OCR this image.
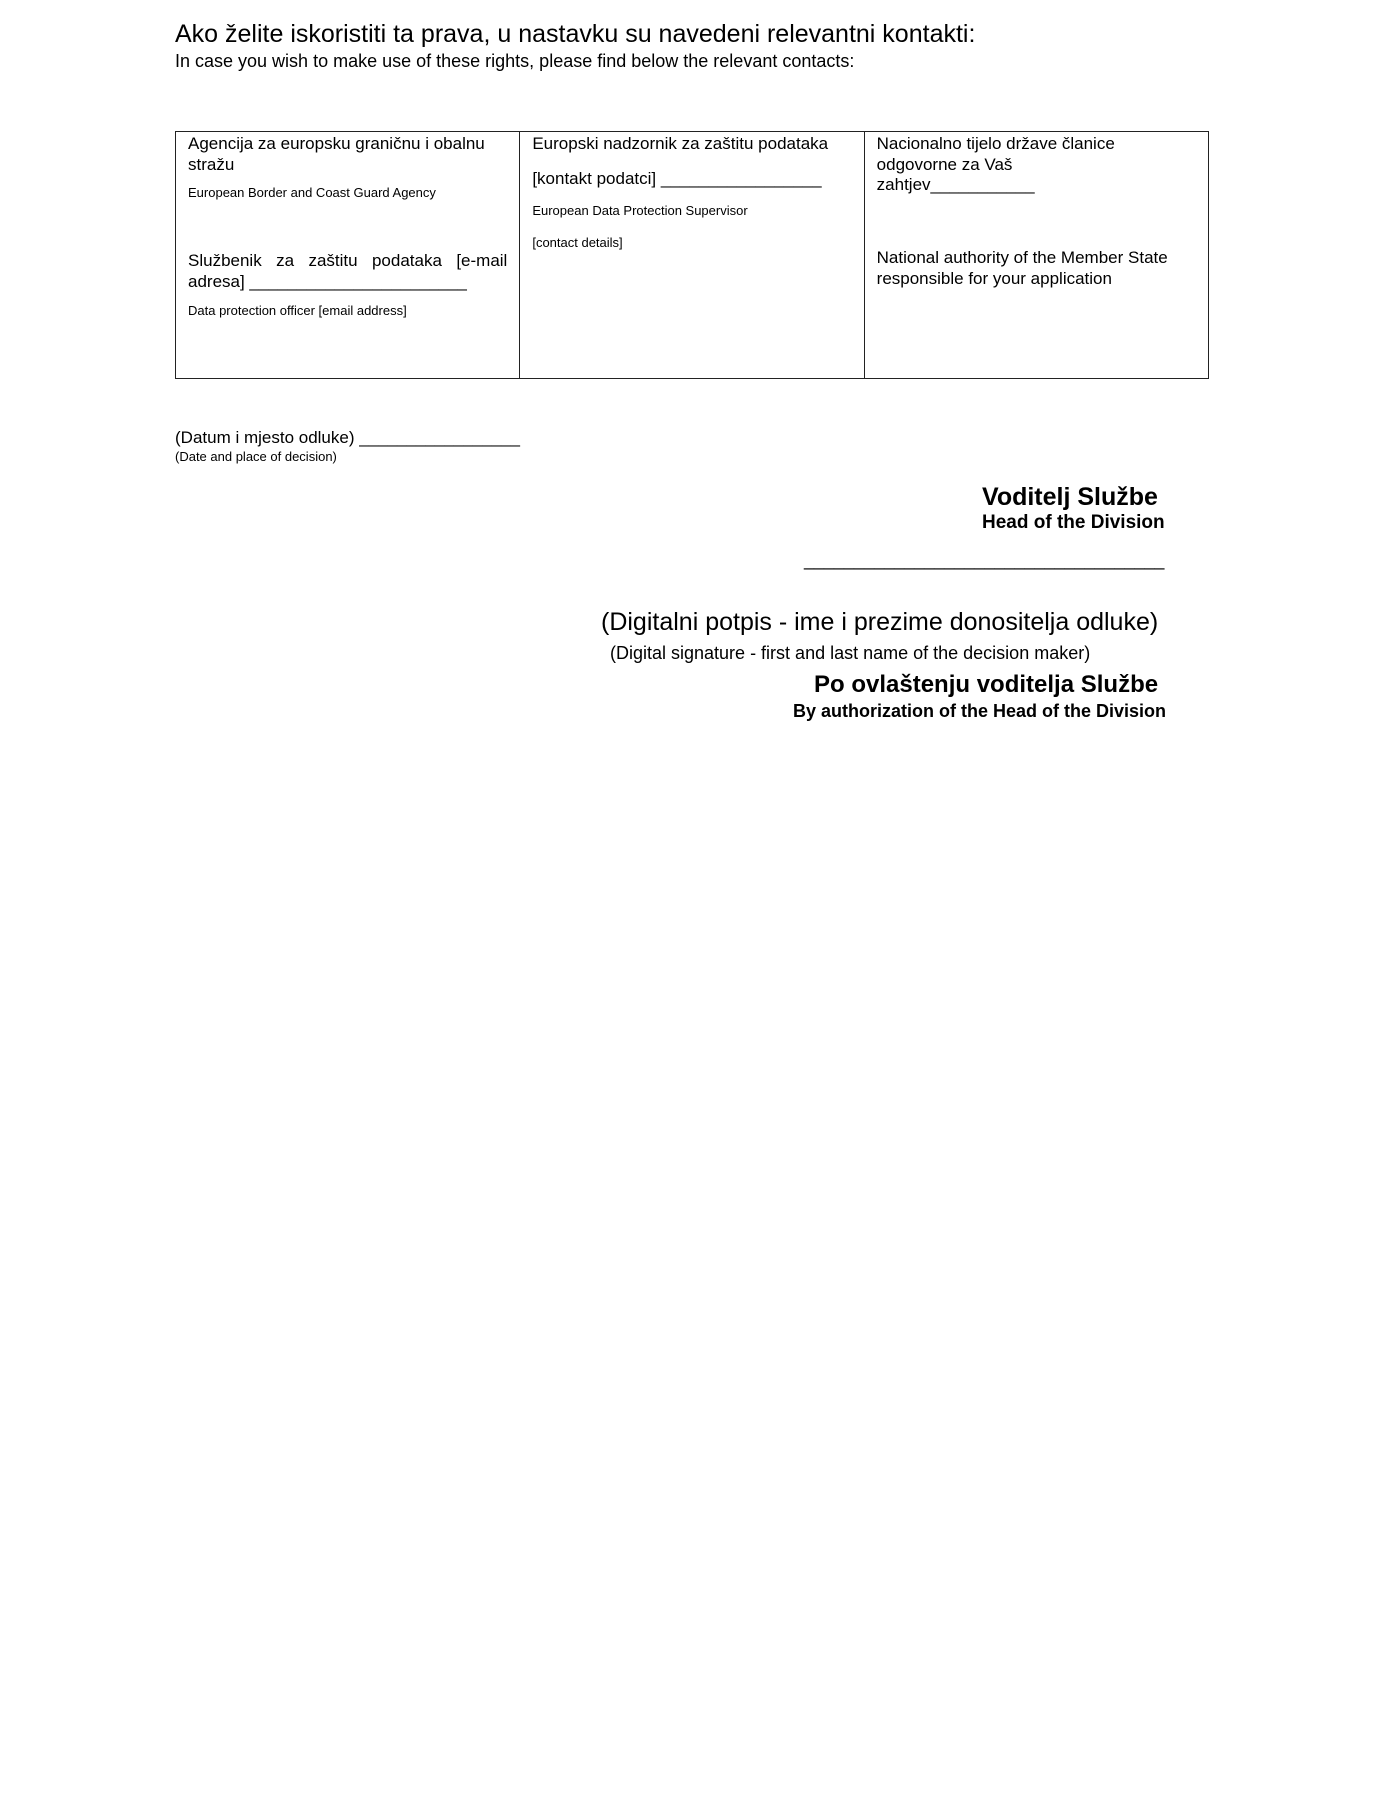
Ako želite iskoristiti ta prava, u nastavku su navedeni relevantni kontakti:
In case you wish to make use of these rights, please find below the relevant contacts:

Agencija za europsku graničnu i obalnu stražu

European Border and Coast Guard Agency

Službenik za zaštitu podataka [e-mail adresa] _______________________

Data protection officer [email address]

Europski nadzornik za zaštitu podataka

[kontakt podatci] _________________

European Data Protection Supervisor

[contact details]

Nacionalno tijelo države članice odgovorne za Vaš zahtjev___________

National authority of the Member State responsible for your application

(Datum i mjesto odluke) _________________
(Date and place of decision)
Voditelj Službe
Head of the Division
____________________________________
(Digitalni potpis - ime i prezime donositelja odluke)
(Digital signature - first and last name of the decision maker)
Po ovlaštenju voditelja Službe
By authorization of the Head of the Division
